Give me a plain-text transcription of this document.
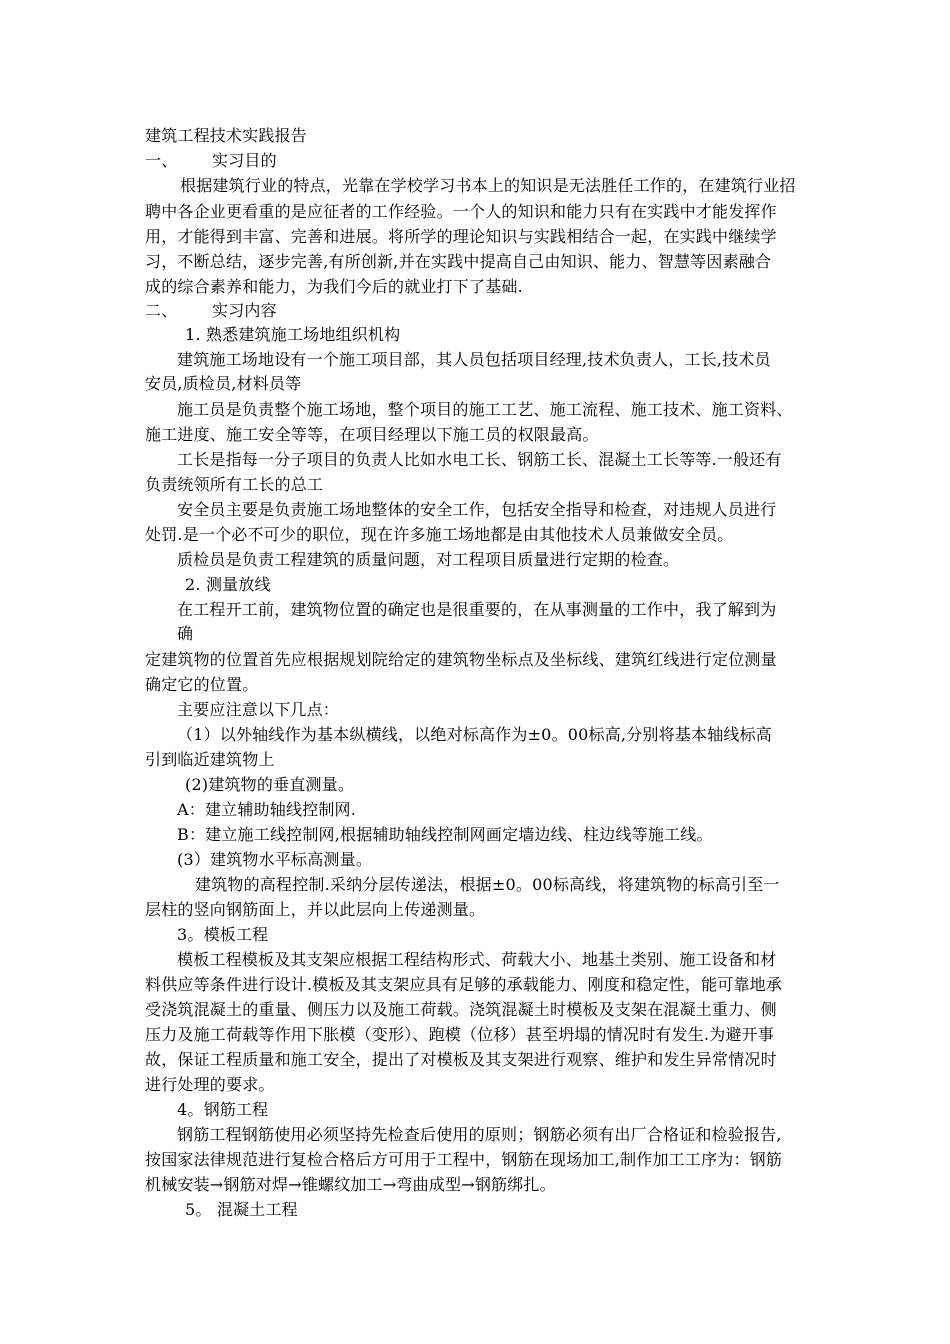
建筑工程技术实践报告
一、 实习目的
根据建筑行业的特点，光靠在学校学习书本上的知识是无法胜任工作的，在建筑行业招
聘中各企业更看重的是应征者的工作经验。一个人的知识和能力只有在实践中才能发挥作
用，才能得到丰富、完善和进展。将所学的理论知识与实践相结合一起，在实践中继续学
习，不断总结，逐步完善,有所创新,并在实践中提高自己由知识、能力、智慧等因素融合
成的综合素养和能力，为我们今后的就业打下了基础.
二、 实习内容
1. 熟悉建筑施工场地组织机构
建筑施工场地设有一个施工项目部，其人员包括项目经理,技术负责人，工长,技术员
安员,质检员,材料员等
施工员是负责整个施工场地，整个项目的施工工艺、施工流程、施工技术、施工资料、
施工进度、施工安全等等，在项目经理以下施工员的权限最高。
工长是指每一分子项目的负责人比如水电工长、钢筋工长、混凝土工长等等.一般还有
负责统领所有工长的总工
安全员主要是负责施工场地整体的安全工作，包括安全指导和检查，对违规人员进行
处罚.是一个必不可少的职位，现在许多施工场地都是由其他技术人员兼做安全员。
质检员是负责工程建筑的质量问题，对工程项目质量进行定期的检查。
2. 测量放线
在工程开工前，建筑物位置的确定也是很重要的，在从事测量的工作中，我了解到为
确
定建筑物的位置首先应根据规划院给定的建筑物坐标点及坐标线、建筑红线进行定位测量
确定它的位置。
主要应注意以下几点：
（1）以外轴线作为基本纵横线，以绝对标高作为±0。00标高,分别将基本轴线标高
引到临近建筑物上
(2)建筑物的垂直测量。
A：建立辅助轴线控制网.
B：建立施工线控制网,根据辅助轴线控制网画定墙边线、柱边线等施工线。
(3）建筑物水平标高测量。
建筑物的高程控制.采纳分层传递法，根据±0。00标高线，将建筑物的标高引至一
层柱的竖向钢筋面上，并以此层向上传递测量。
3。模板工程
模板工程模板及其支架应根据工程结构形式、荷载大小、地基土类别、施工设备和材
料供应等条件进行设计.模板及其支架应具有足够的承载能力、刚度和稳定性，能可靠地承
受浇筑混凝土的重量、侧压力以及施工荷载。浇筑混凝土时模板及支架在混凝土重力、侧
压力及施工荷载等作用下胀模（变形）、跑模（位移）甚至坍塌的情况时有发生.为避开事
故，保证工程质量和施工安全，提出了对模板及其支架进行观察、维护和发生异常情况时
进行处理的要求。
4。钢筋工程
钢筋工程钢筋使用必须坚持先检查后使用的原则；钢筋必须有出厂合格证和检验报告,
按国家法律规范进行复检合格后方可用于工程中，钢筋在现场加工,制作加工工序为：钢筋
机械安装→钢筋对焊→锥螺纹加工→弯曲成型→钢筋绑扎。
5。 混凝土工程
